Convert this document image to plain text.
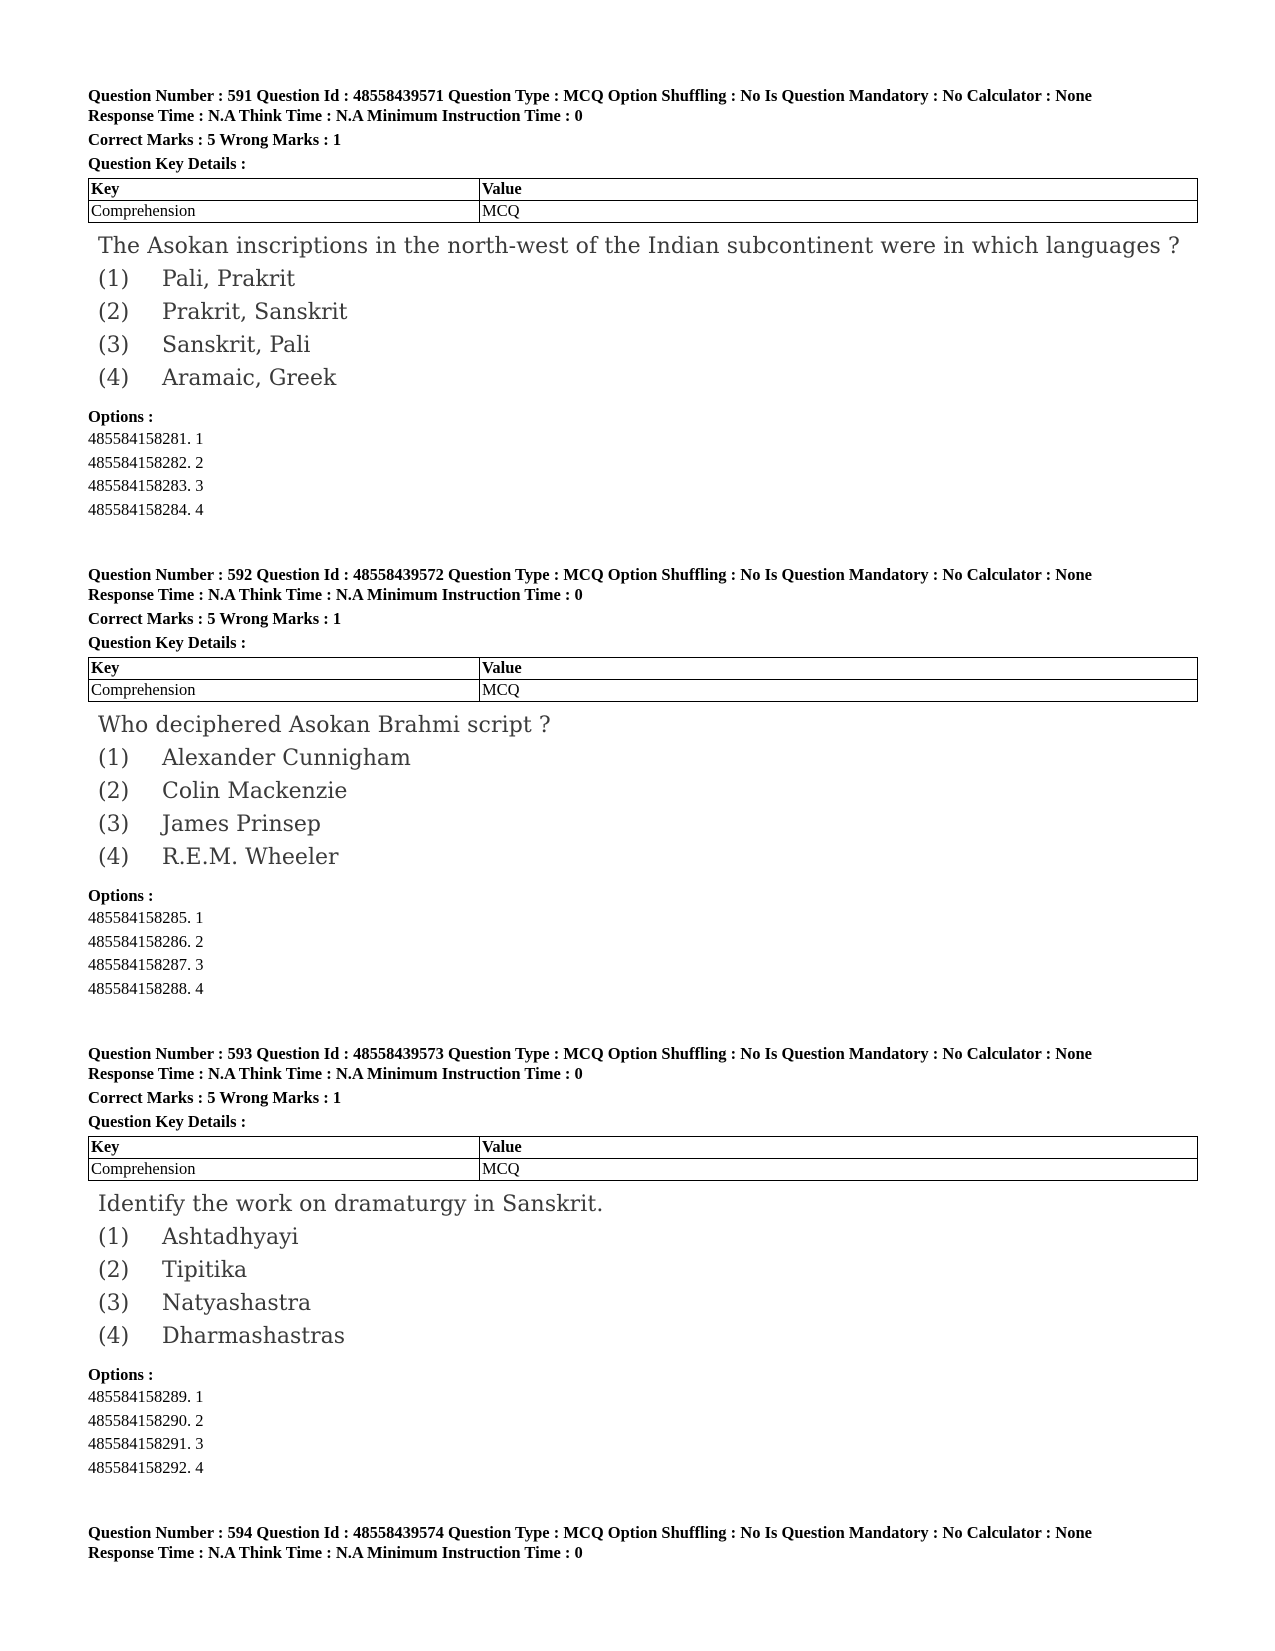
Question Number : 591 Question Id : 48558439571 Question Type : MCQ Option Shuffling : No Is Question Mandatory : No Calculator : None
Response Time : N.A Think Time : N.A Minimum Instruction Time : 0
Correct Marks : 5 Wrong Marks : 1
Question Key Details :
Key	Value
Comprehension	MCQ
The Asokan inscriptions in the north-west of the Indian subcontinent were in which languages ?
(1) Pali, Prakrit
(2) Prakrit, Sanskrit
(3) Sanskrit, Pali
(4) Aramaic, Greek
Options :
485584158281. 1
485584158282. 2
485584158283. 3
485584158284. 4
Question Number : 592 Question Id : 48558439572 Question Type : MCQ Option Shuffling : No Is Question Mandatory : No Calculator : None
Response Time : N.A Think Time : N.A Minimum Instruction Time : 0
Correct Marks : 5 Wrong Marks : 1
Question Key Details :
Key	Value
Comprehension	MCQ
Who deciphered Asokan Brahmi script ?
(1) Alexander Cunnigham
(2) Colin Mackenzie
(3) James Prinsep
(4) R.E.M. Wheeler
Options :
485584158285. 1
485584158286. 2
485584158287. 3
485584158288. 4
Question Number : 593 Question Id : 48558439573 Question Type : MCQ Option Shuffling : No Is Question Mandatory : No Calculator : None
Response Time : N.A Think Time : N.A Minimum Instruction Time : 0
Correct Marks : 5 Wrong Marks : 1
Question Key Details :
Key	Value
Comprehension	MCQ
Identify the work on dramaturgy in Sanskrit.
(1) Ashtadhyayi
(2) Tipitika
(3) Natyashastra
(4) Dharmashastras
Options :
485584158289. 1
485584158290. 2
485584158291. 3
485584158292. 4
Question Number : 594 Question Id : 48558439574 Question Type : MCQ Option Shuffling : No Is Question Mandatory : No Calculator : None
Response Time : N.A Think Time : N.A Minimum Instruction Time : 0
